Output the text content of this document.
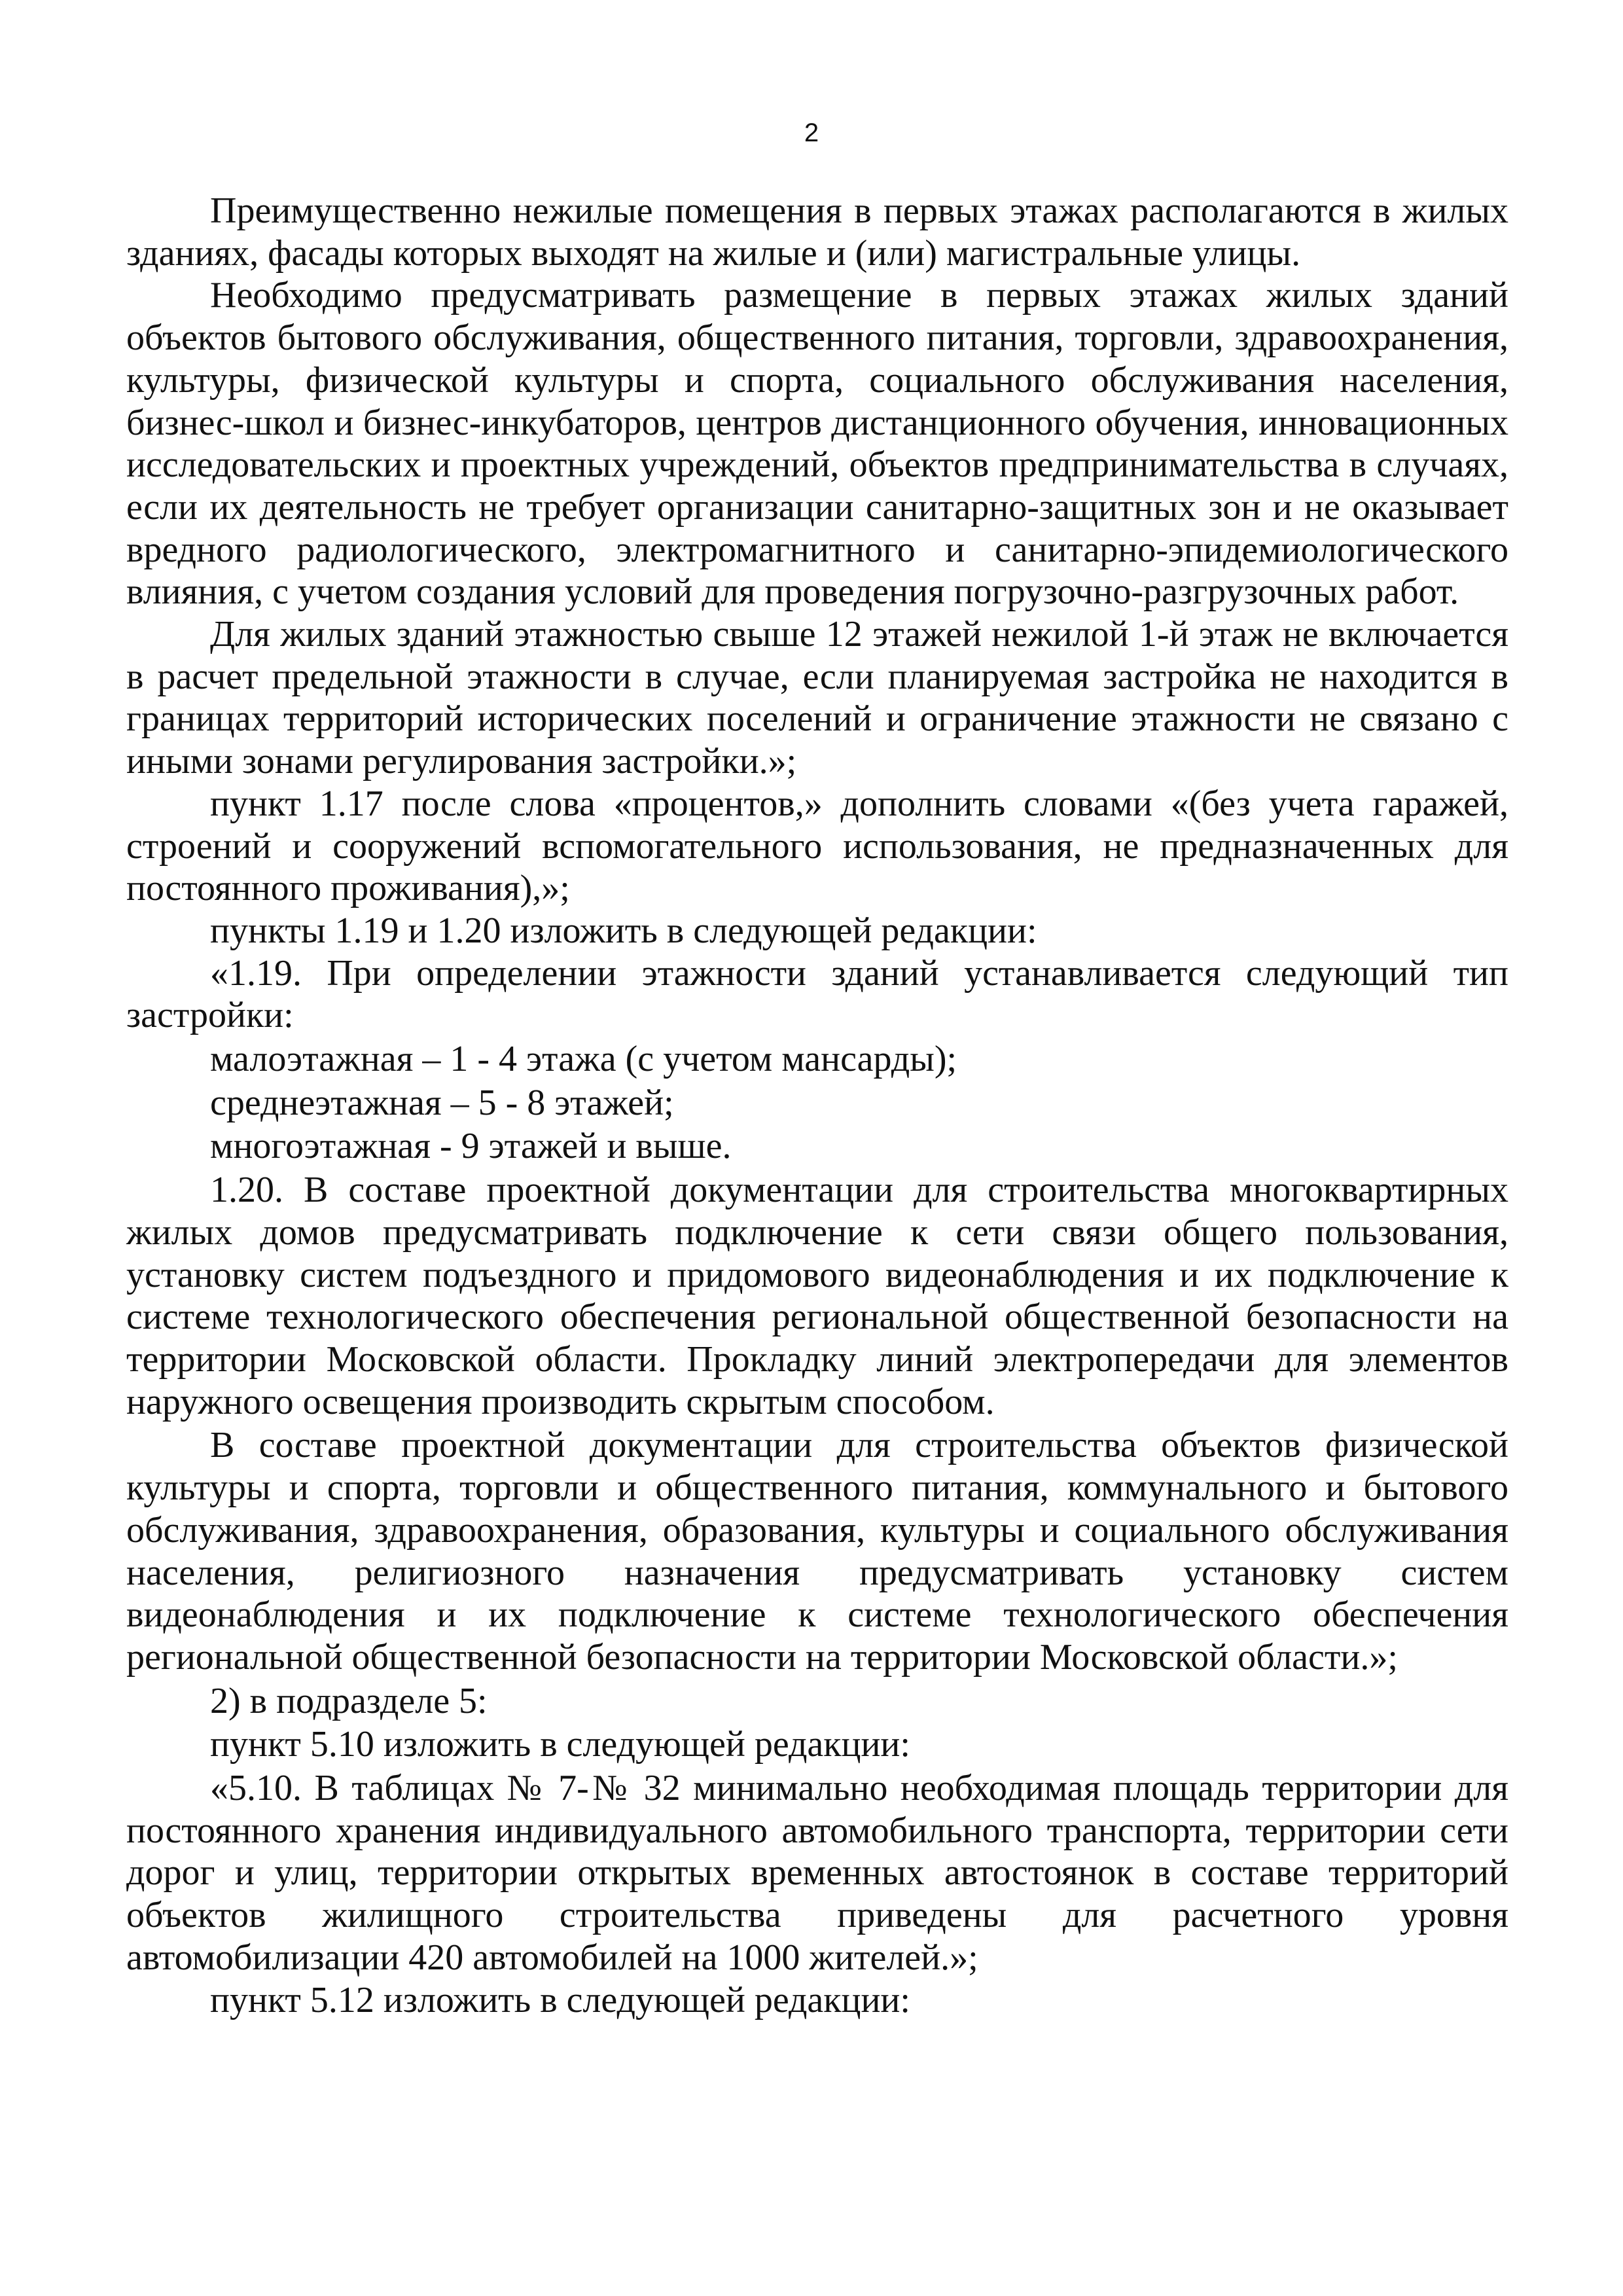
2

Преимущественно нежилые помещения в первых этажах располагаются в жилых зданиях, фасады которых выходят на жилые и (или) магистральные улицы.

Необходимо предусматривать размещение в первых этажах жилых зданий объектов бытового обслуживания, общественного питания, торговли, здравоохранения, культуры, физической культуры и спорта, социального обслуживания населения, бизнес-школ и бизнес-инкубаторов, центров дистанционного обучения, инновационных исследовательских и проектных учреждений, объектов предпринимательства в случаях, если их деятельность не требует организации санитарно-защитных зон и не оказывает вредного радиологического, электромагнитного и санитарно-эпидемиологического влияния, с учетом создания условий для проведения погрузочно-разгрузочных работ.

Для жилых зданий этажностью свыше 12 этажей нежилой 1-й этаж не включается в расчет предельной этажности в случае, если планируемая застройка не находится в границах территорий исторических поселений и ограничение этажности не связано с иными зонами регулирования застройки.»;

пункт 1.17 после слова «процентов,» дополнить словами «(без учета гаражей, строений и сооружений вспомогательного использования, не предназначенных для постоянного проживания),»;

пункты 1.19 и 1.20 изложить в следующей редакции:

«1.19. При определении этажности зданий устанавливается следующий тип застройки:

малоэтажная – 1 - 4 этажа (с учетом мансарды);

среднеэтажная – 5 - 8 этажей;

многоэтажная - 9 этажей и выше.

1.20. В составе проектной документации для строительства многоквартирных жилых домов предусматривать подключение к сети связи общего пользования, установку систем подъездного и придомового видеонаблюдения и их подключение к системе технологического обеспечения региональной общественной безопасности на территории Московской области. Прокладку линий электропередачи для элементов наружного освещения производить скрытым способом.

В составе проектной документации для строительства объектов физической культуры и спорта, торговли и общественного питания, коммунального и бытового обслуживания, здравоохранения, образования, культуры и социального обслуживания населения, религиозного назначения предусматривать установку систем видеонаблюдения и их подключение к системе технологического обеспечения региональной общественной безопасности на территории Московской области.»;

2) в подразделе 5:

пункт 5.10 изложить в следующей редакции:

«5.10. В таблицах № 7-№ 32 минимально необходимая площадь территории для постоянного хранения индивидуального автомобильного транспорта, территории сети дорог и улиц, территории открытых временных автостоянок в составе территорий объектов жилищного строительства приведены для расчетного уровня автомобилизации 420 автомобилей на 1000 жителей.»;

пункт 5.12 изложить в следующей редакции:
